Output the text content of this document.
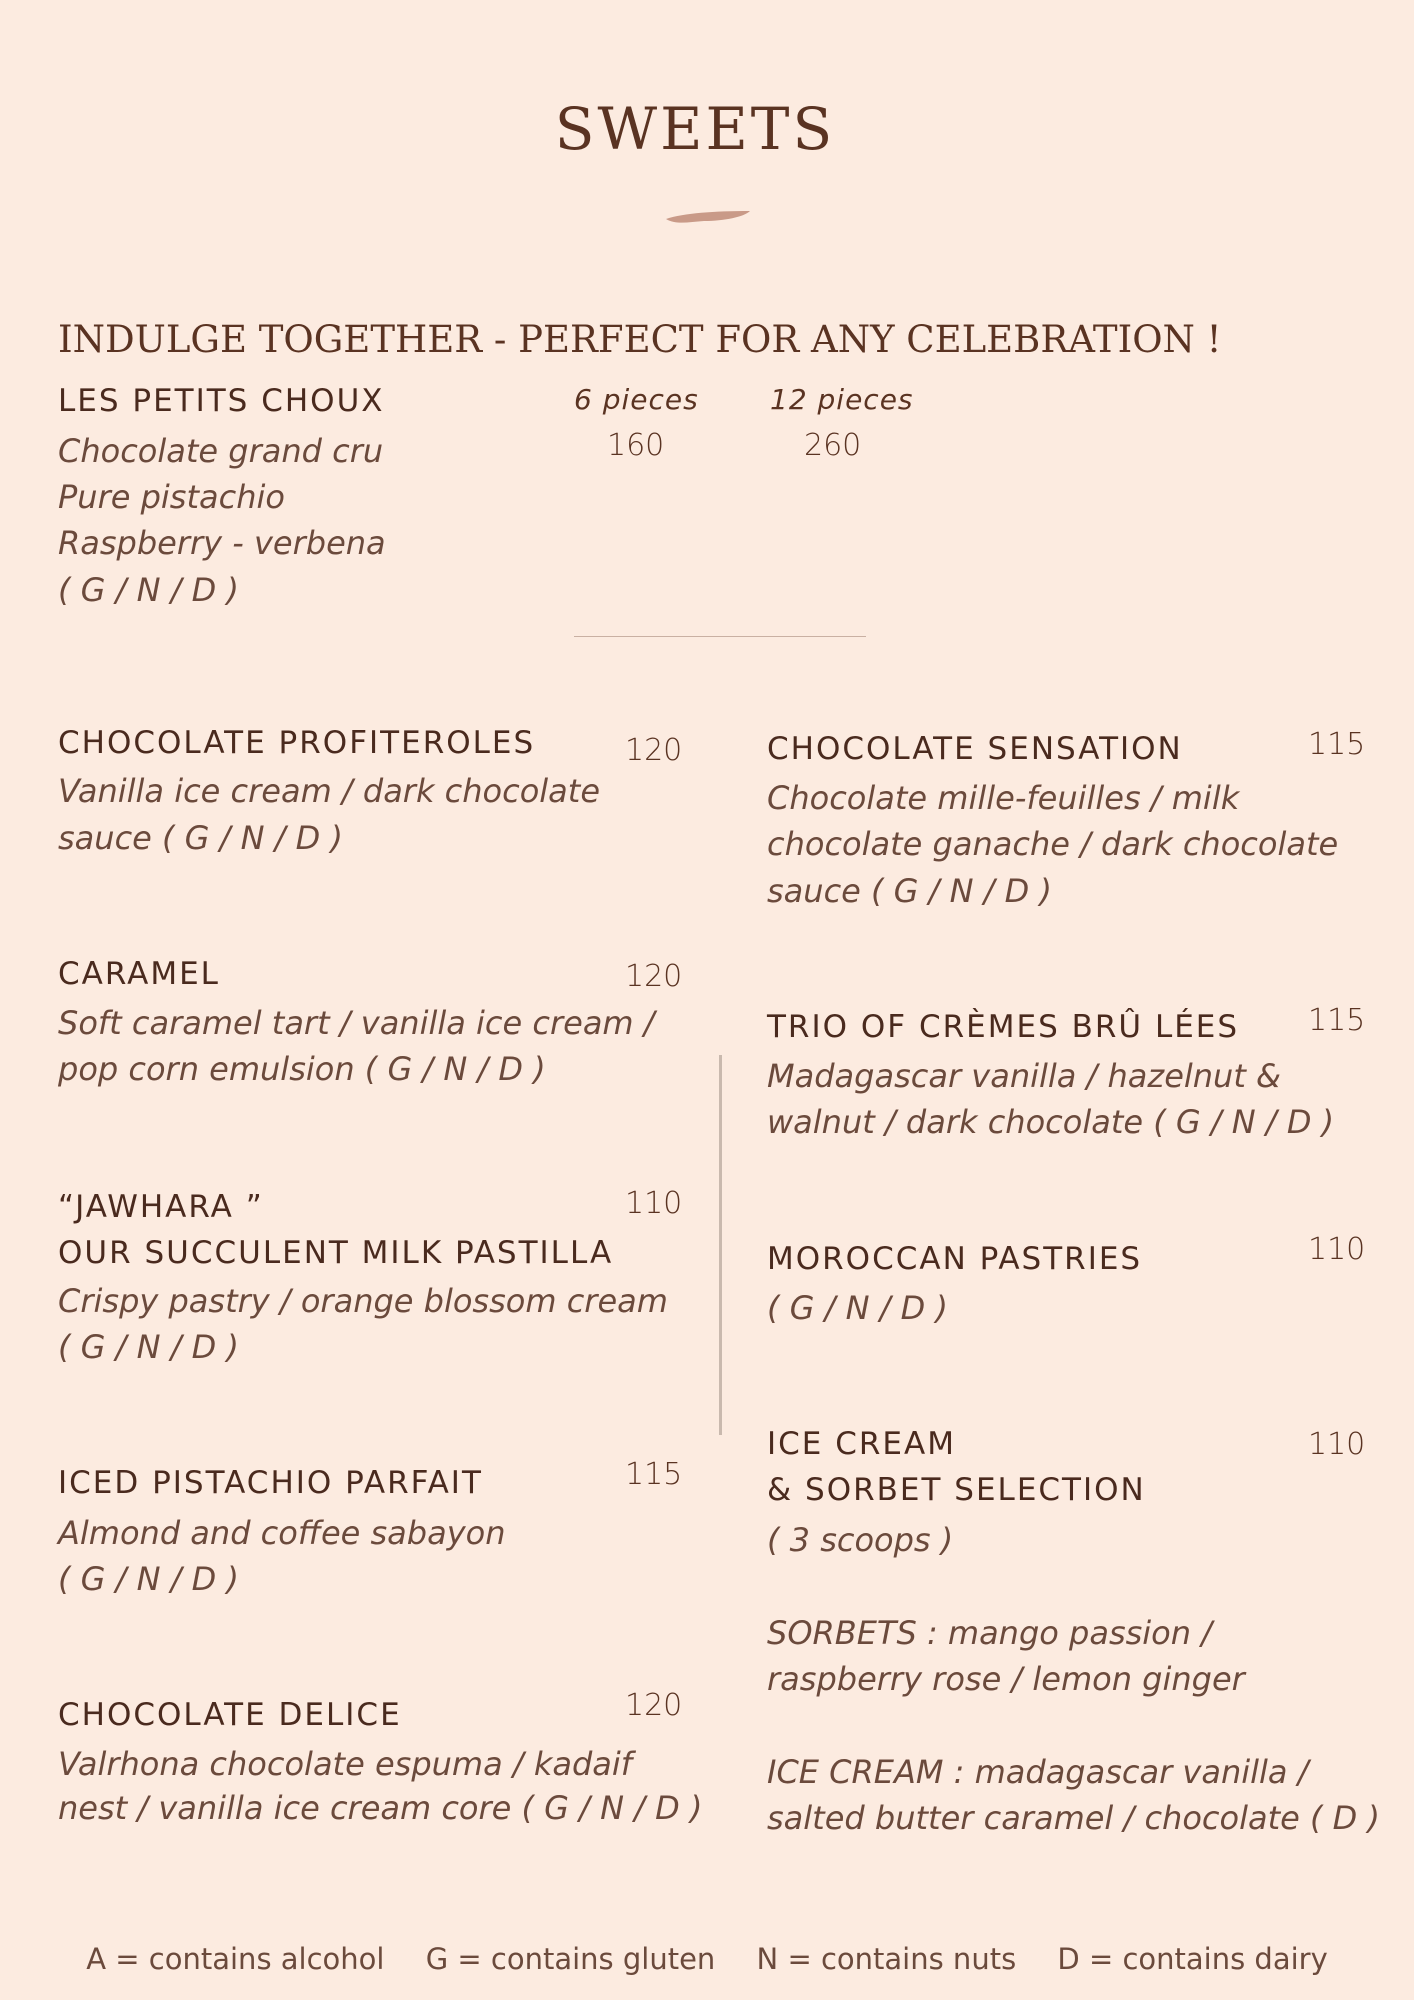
SWEETS
INDULGE TOGETHER - PERFECT FOR ANY CELEBRATION !
LES PETITS CHOUX
Chocolate grand cru
Pure pistachio
Raspberry - verbena
( G / N / D )
6 pieces
160
12 pieces
260
CHOCOLATE PROFITEROLES	120
Vanilla ice cream / dark chocolate
sauce ( G / N / D )
CARAMEL	120
Soft caramel tart / vanilla ice cream /
pop corn emulsion ( G / N / D )
“JAWHARA ”
OUR SUCCULENT MILK PASTILLA
110
Crispy pastry / orange blossom cream
( G / N / D )
ICED PISTACHIO PARFAIT	115
Almond and coffee sabayon
( G / N / D )
CHOCOLATE DELICE	120
Valrhona chocolate espuma / kadaif
nest / vanilla ice cream core ( G / N / D )
CHOCOLATE SENSATION	115
Chocolate mille-feuilles / milk
chocolate ganache / dark chocolate
sauce ( G / N / D )
TRIO OF CRÈMES BRÛ LÉES 115
Madagascar vanilla / hazelnut &
walnut / dark chocolate ( G / N / D )
MOROCCAN PASTRIES	110
( G / N / D )
ICE CREAM
& SORBET SELECTION
110
( 3 scoops )
SORBETS : mango passion /
raspberry rose / lemon ginger
ICE CREAM : madagascar vanilla /
salted butter caramel / chocolate ( D )
A = contains alcohol G = contains gluten N = contains nuts D = contains dairy
